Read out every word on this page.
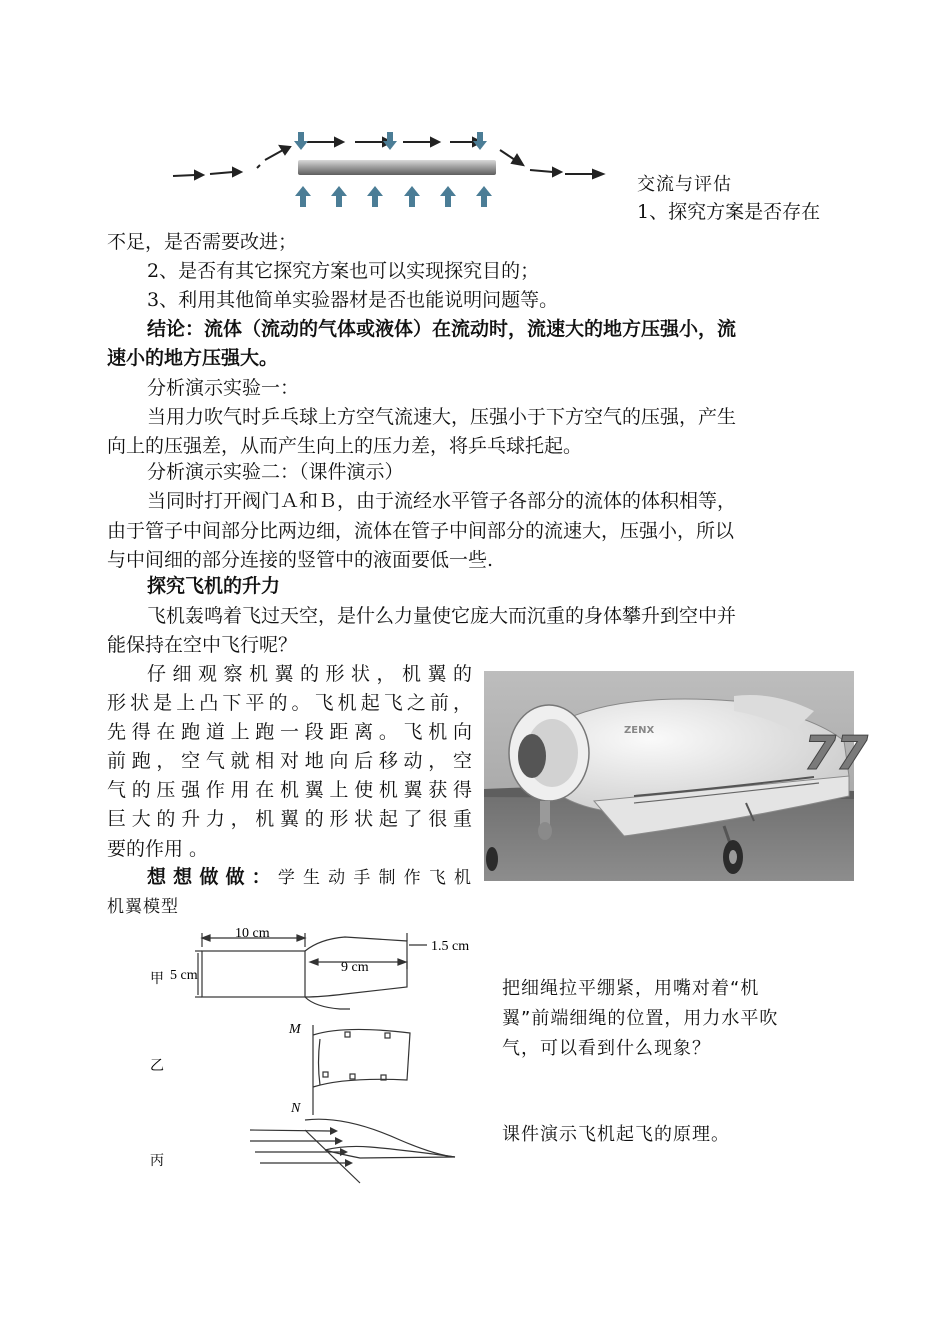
交流与评估
1、探究方案是否存在
不足，是否需要改进；
2、是否有其它探究方案也可以实现探究目的；
3、利用其他简单实验器材是否也能说明问题等。
结论：流体（流动的气体或液体）在流动时，流速大的地方压强小，流
速小的地方压强大。
分析演示实验一：
当用力吹气时乒乓球上方空气流速大，压强小于下方空气的压强，产生
向上的压强差，从而产生向上的压力差，将乒乓球托起。
分析演示实验二：（课件演示）
当同时打开阀门Ａ和Ｂ，由于流经水平管子各部分的流体的体积相等，
由于管子中间部分比两边细，流体在管子中间部分的流速大，压强小，所以
与中间细的部分连接的竖管中的液面要低一些.
探究飞机的升力
飞机轰鸣着飞过天空，是什么力量使它庞大而沉重的身体攀升到空中并
能保持在空中飞行呢？
仔细观察机翼的形状，机翼的
形状是上凸下平的。飞机起飞之前，
先得在跑道上跑一段距离。飞机向
前跑，空气就相对地向后移动，空
气的压强作用在机翼上使机翼获得
巨大的升力，机翼的形状起了很重
要的作用 。
想想做做：学生动手制作飞机
机翼模型
77
ZENX
10 cm
9 cm
5 cm
1.5 cm
甲
M
N
乙
丙
把细绳拉平绷紧，用嘴对着“机
翼”前端细绳的位置，用力水平吹
气，可以看到什么现象？
课件演示飞机起飞的原理。
